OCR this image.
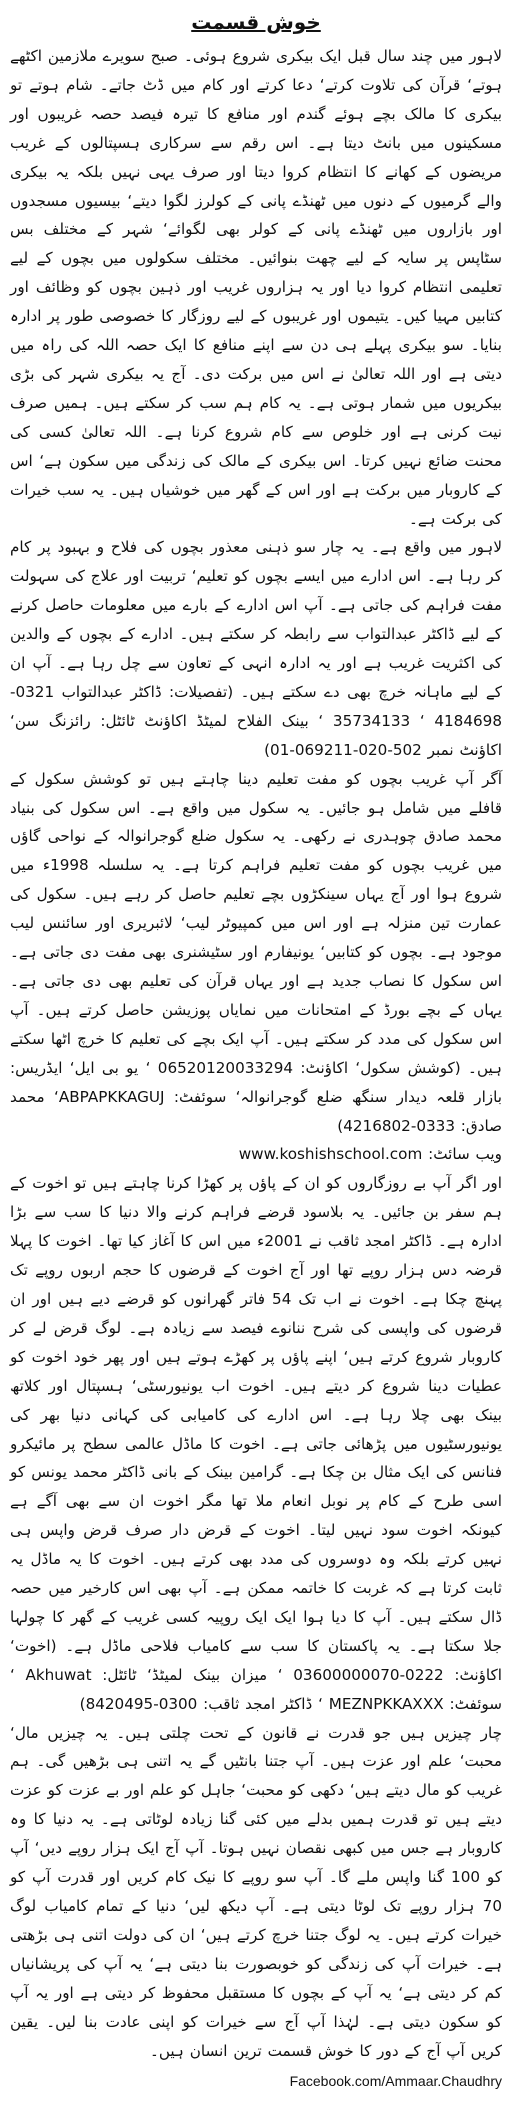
خوش قسمت

لاہور میں چند سال قبل ایک بیکری شروع ہوئی۔ صبح سویرے ملازمین اکٹھے ہوتے‘ قرآن کی تلاوت کرتے‘ دعا کرتے اور کام میں ڈٹ جاتے۔ شام ہوتے تو بیکری کا مالک بچے ہوئے گندم اور منافع کا تیرہ فیصد حصہ غریبوں اور مسکینوں میں بانٹ دیتا ہے۔ اس رقم سے سرکاری ہسپتالوں کے غریب مریضوں کے کھانے کا انتظام کروا دیتا اور صرف یہی نہیں بلکہ یہ بیکری والے گرمیوں کے دنوں میں ٹھنڈے پانی کے کولرز لگوا دیتے‘ بیسیوں مسجدوں اور بازاروں میں ٹھنڈے پانی کے کولر بھی لگوائے‘ شہر کے مختلف بس سٹاپس پر سایہ کے لیے چھت بنوائیں۔ مختلف سکولوں میں بچوں کے لیے تعلیمی انتظام کروا دیا اور یہ ہزاروں غریب اور ذہین بچوں کو وظائف اور کتابیں مہیا کیں۔ یتیموں اور غریبوں کے لیے روزگار کا خصوصی طور پر ادارہ بنایا۔ سو بیکری پہلے ہی دن سے اپنے منافع کا ایک حصہ اللہ کی راہ میں دیتی ہے اور اللہ تعالیٰ نے اس میں برکت دی۔ آج یہ بیکری شہر کی بڑی بیکریوں میں شمار ہوتی ہے۔ یہ کام ہم سب کر سکتے ہیں۔ ہمیں صرف نیت کرنی ہے اور خلوص سے کام شروع کرنا ہے۔ اللہ تعالیٰ کسی کی محنت ضائع نہیں کرتا۔ اس بیکری کے مالک کی زندگی میں سکون ہے‘ اس کے کاروبار میں برکت ہے اور اس کے گھر میں خوشیاں ہیں۔ یہ سب خیرات کی برکت ہے۔

لاہور میں واقع ہے۔ یہ چار سو ذہنی معذور بچوں کی فلاح و بہبود پر کام کر رہا ہے۔ اس ادارے میں ایسے بچوں کو تعلیم‘ تربیت اور علاج کی سہولت مفت فراہم کی جاتی ہے۔ آپ اس ادارے کے بارے میں معلومات حاصل کرنے کے لیے ڈاکٹر عبدالتواب سے رابطہ کر سکتے ہیں۔ ادارے کے بچوں کے والدین کی اکثریت غریب ہے اور یہ ادارہ انہی کے تعاون سے چل رہا ہے۔ آپ ان کے لیے ماہانہ خرچ بھی دے سکتے ہیں۔ (تفصیلات: ڈاکٹر عبدالتواب 0321-4184698 ‘ 35734133 ‘ بینک الفلاح لمیٹڈ اکاؤنٹ ٹائٹل: رائزنگ سن‘ اکاؤنٹ نمبر 502-020-069211-01)

آگر آپ غریب بچوں کو مفت تعلیم دینا چاہتے ہیں تو کوشش سکول کے قافلے میں شامل ہو جائیں۔ یہ سکول میں واقع ہے۔ اس سکول کی بنیاد محمد صادق چوہدری نے رکھی۔ یہ سکول ضلع گوجرانوالہ کے نواحی گاؤں میں غریب بچوں کو مفت تعلیم فراہم کرتا ہے۔ یہ سلسلہ 1998ء میں شروع ہوا اور آج یہاں سینکڑوں بچے تعلیم حاصل کر رہے ہیں۔ سکول کی عمارت تین منزلہ ہے اور اس میں کمپیوٹر لیب‘ لائبریری اور سائنس لیب موجود ہے۔ بچوں کو کتابیں‘ یونیفارم اور سٹیشنری بھی مفت دی جاتی ہے۔ اس سکول کا نصاب جدید ہے اور یہاں قرآن کی تعلیم بھی دی جاتی ہے۔ یہاں کے بچے بورڈ کے امتحانات میں نمایاں پوزیشن حاصل کرتے ہیں۔ آپ اس سکول کی مدد کر سکتے ہیں۔ آپ ایک بچے کی تعلیم کا خرچ اٹھا سکتے ہیں۔ (کوشش سکول‘ اکاؤنٹ: 06520120033294 ‘ یو بی ایل‘ ایڈریس: بازار قلعہ دیدار سنگھ ضلع گوجرانوالہ‘ سوئفٹ: ABPAPKKAGUJ‘ محمد صادق: 0333-4216802)

ویب سائٹ: www.koshishschool.com

اور اگر آپ بے روزگاروں کو ان کے پاؤں پر کھڑا کرنا چاہتے ہیں تو اخوت کے ہم سفر بن جائیں۔ یہ بلاسود قرضے فراہم کرنے والا دنیا کا سب سے بڑا ادارہ ہے۔ ڈاکٹر امجد ثاقب نے 2001ء میں اس کا آغاز کیا تھا۔ اخوت کا پہلا قرضہ دس ہزار روپے تھا اور آج اخوت کے قرضوں کا حجم اربوں روپے تک پہنچ چکا ہے۔ اخوت نے اب تک 54 فاتر گھرانوں کو قرضے دیے ہیں اور ان قرضوں کی واپسی کی شرح ننانوے فیصد سے زیادہ ہے۔ لوگ قرض لے کر کاروبار شروع کرتے ہیں‘ اپنے پاؤں پر کھڑے ہوتے ہیں اور پھر خود اخوت کو عطیات دینا شروع کر دیتے ہیں۔ اخوت اب یونیورسٹی‘ ہسپتال اور کلاتھ بینک بھی چلا رہا ہے۔ اس ادارے کی کامیابی کی کہانی دنیا بھر کی یونیورسٹیوں میں پڑھائی جاتی ہے۔ اخوت کا ماڈل عالمی سطح پر مائیکرو فنانس کی ایک مثال بن چکا ہے۔ گرامین بینک کے بانی ڈاکٹر محمد یونس کو اسی طرح کے کام پر نوبل انعام ملا تھا مگر اخوت ان سے بھی آگے ہے کیونکہ اخوت سود نہیں لیتا۔ اخوت کے قرض دار صرف قرض واپس ہی نہیں کرتے بلکہ وہ دوسروں کی مدد بھی کرتے ہیں۔ اخوت کا یہ ماڈل یہ ثابت کرتا ہے کہ غربت کا خاتمہ ممکن ہے۔ آپ بھی اس کارخیر میں حصہ ڈال سکتے ہیں۔ آپ کا دیا ہوا ایک ایک روپیہ کسی غریب کے گھر کا چولہا جلا سکتا ہے۔ یہ پاکستان کا سب سے کامیاب فلاحی ماڈل ہے۔ (اخوت‘ اکاؤنٹ: 0222-03600000070 ‘ میزان بینک لمیٹڈ‘ ٹائٹل: Akhuwat ‘ سوئفٹ: MEZNPKKAXXX ‘ ڈاکٹر امجد ثاقب: 0300-8420495)

چار چیزیں ہیں جو قدرت نے قانون کے تحت چلتی ہیں۔ یہ چیزیں مال‘ محبت‘ علم اور عزت ہیں۔ آپ جتنا بانٹیں گے یہ اتنی ہی بڑھیں گی۔ ہم غریب کو مال دیتے ہیں‘ دکھی کو محبت‘ جاہل کو علم اور بے عزت کو عزت دیتے ہیں تو قدرت ہمیں بدلے میں کئی گنا زیادہ لوٹاتی ہے۔ یہ دنیا کا وہ کاروبار ہے جس میں کبھی نقصان نہیں ہوتا۔ آپ آج ایک ہزار روپے دیں‘ آپ کو 100 گنا واپس ملے گا۔ آپ سو روپے کا نیک کام کریں اور قدرت آپ کو 70 ہزار روپے تک لوٹا دیتی ہے۔ آپ دیکھ لیں‘ دنیا کے تمام کامیاب لوگ خیرات کرتے ہیں۔ یہ لوگ جتنا خرچ کرتے ہیں‘ ان کی دولت اتنی ہی بڑھتی ہے۔ خیرات آپ کی زندگی کو خوبصورت بنا دیتی ہے‘ یہ آپ کی پریشانیاں کم کر دیتی ہے‘ یہ آپ کے بچوں کا مستقبل محفوظ کر دیتی ہے اور یہ آپ کو سکون دیتی ہے۔ لہٰذا آپ آج سے خیرات کو اپنی عادت بنا لیں۔ یقین کریں آپ آج کے دور کا خوش قسمت ترین انسان ہیں۔

Facebook.com/Ammaar.Chaudhry
